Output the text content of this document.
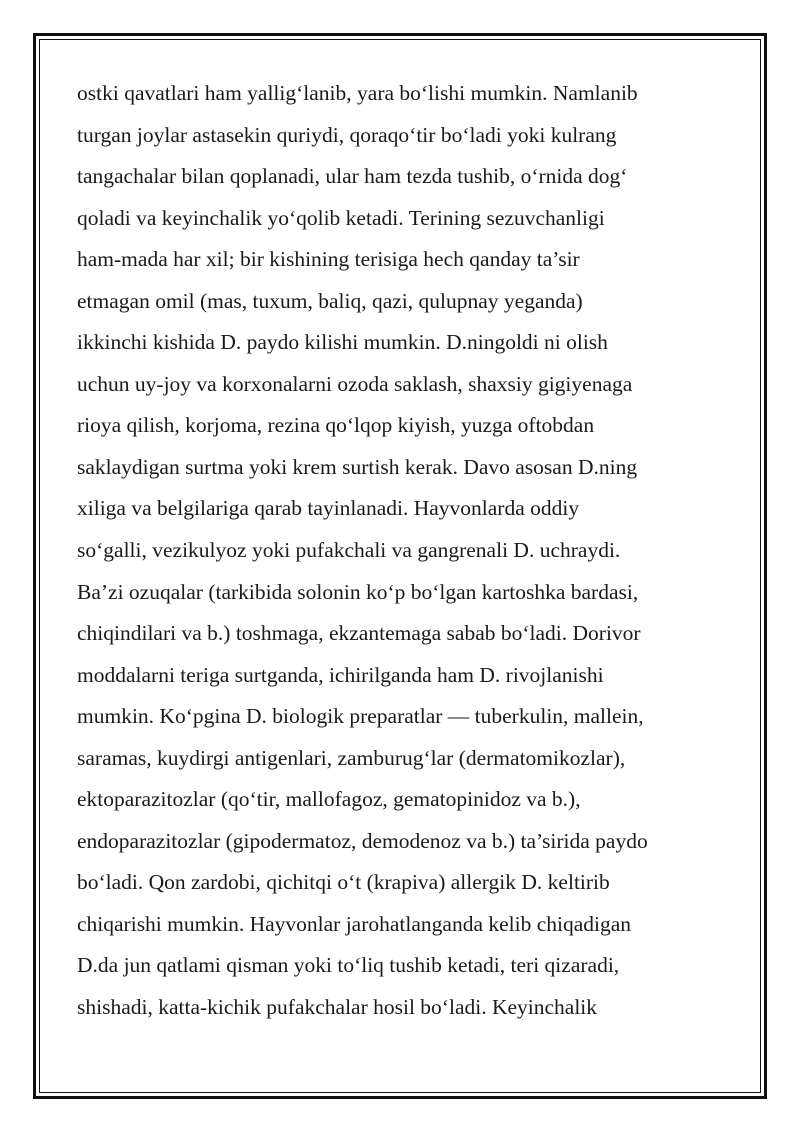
ostki qavatlari ham yallig‘lanib, yara bo‘lishi mumkin. Namlanib
turgan joylar astasekin quriydi, qoraqo‘tir bo‘ladi yoki kulrang
tangachalar bilan qoplanadi, ular ham tezda tushib, o‘rnida dog‘
qoladi va keyinchalik yo‘qolib ketadi. Terining sezuvchanligi
ham-mada har xil; bir kishining terisiga hech qanday ta’sir
etmagan omil (mas, tuxum, baliq, qazi, qulupnay yeganda)
ikkinchi kishida D. paydo kilishi mumkin. D.ningoldi ni olish
uchun uy-joy va korxonalarni ozoda saklash, shaxsiy gigiyenaga
rioya qilish, korjoma, rezina qo‘lqop kiyish, yuzga oftobdan
saklaydigan surtma yoki krem surtish kerak. Davo asosan D.ning
xiliga va belgilariga qarab tayinlanadi. Hayvonlarda oddiy
so‘galli, vezikulyoz yoki pufakchali va gangrenali D. uchraydi.
Ba’zi ozuqalar (tarkibida solonin ko‘p bo‘lgan kartoshka bardasi,
chiqindilari va b.) toshmaga, ekzantemaga sabab bo‘ladi. Dorivor
moddalarni teriga surtganda, ichirilganda ham D. rivojlanishi
mumkin. Ko‘pgina D. biologik preparatlar — tuberkulin, mallein,
saramas, kuydirgi antigenlari, zamburug‘lar (dermatomikozlar),
ektoparazitozlar (qo‘tir, mallofagoz, gematopinidoz va b.),
endoparazitozlar (gipodermatoz, demodenoz va b.) ta’sirida paydo
bo‘ladi. Qon zardobi, qichitqi o‘t (krapiva) allergik D. keltirib
chiqarishi mumkin. Hayvonlar jarohatlanganda kelib chiqadigan
D.da jun qatlami qisman yoki to‘liq tushib ketadi, teri qizaradi,
shishadi, katta-kichik pufakchalar hosil bo‘ladi. Keyinchalik
